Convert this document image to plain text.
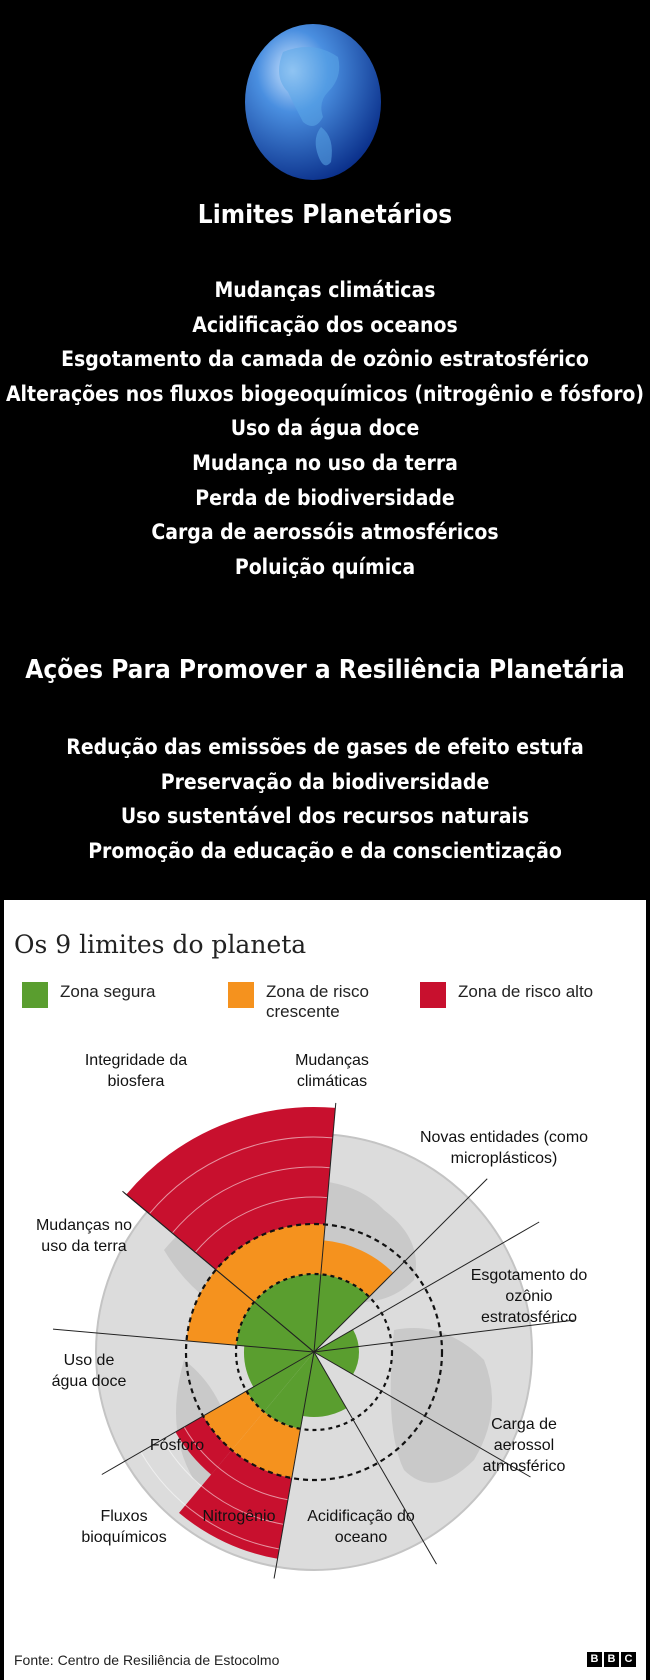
Limites Planetários
Mudanças climáticas
Acidificação dos oceanos
Esgotamento da camada de ozônio estratosférico
Alterações nos fluxos biogeoquímicos (nitrogênio e fósforo)
Uso da água doce
Mudança no uso da terra
Perda de biodiversidade
Carga de aerossóis atmosféricos
Poluição química
Ações Para Promover a Resiliência Planetária
Redução das emissões de gases de efeito estufa
Preservação da biodiversidade
Uso sustentável dos recursos naturais
Promoção da educação e da conscientização
Os 9 limites do planeta
Zona segura	Zona de risco crescente
Zona de risco alto
Integridade da biosfera
Mudanças climáticas
Novas entidades (como microplásticos)
Esgotamento do ozônio estratosférico
Carga de aerossol atmosférico
Acidificação do oceano
Nitrogênio
Fluxos bioquímicos
Fósforo
Uso de água doce
Mudanças no uso da terra
Fonte: Centro de Resiliência de Estocolmo	B B C
